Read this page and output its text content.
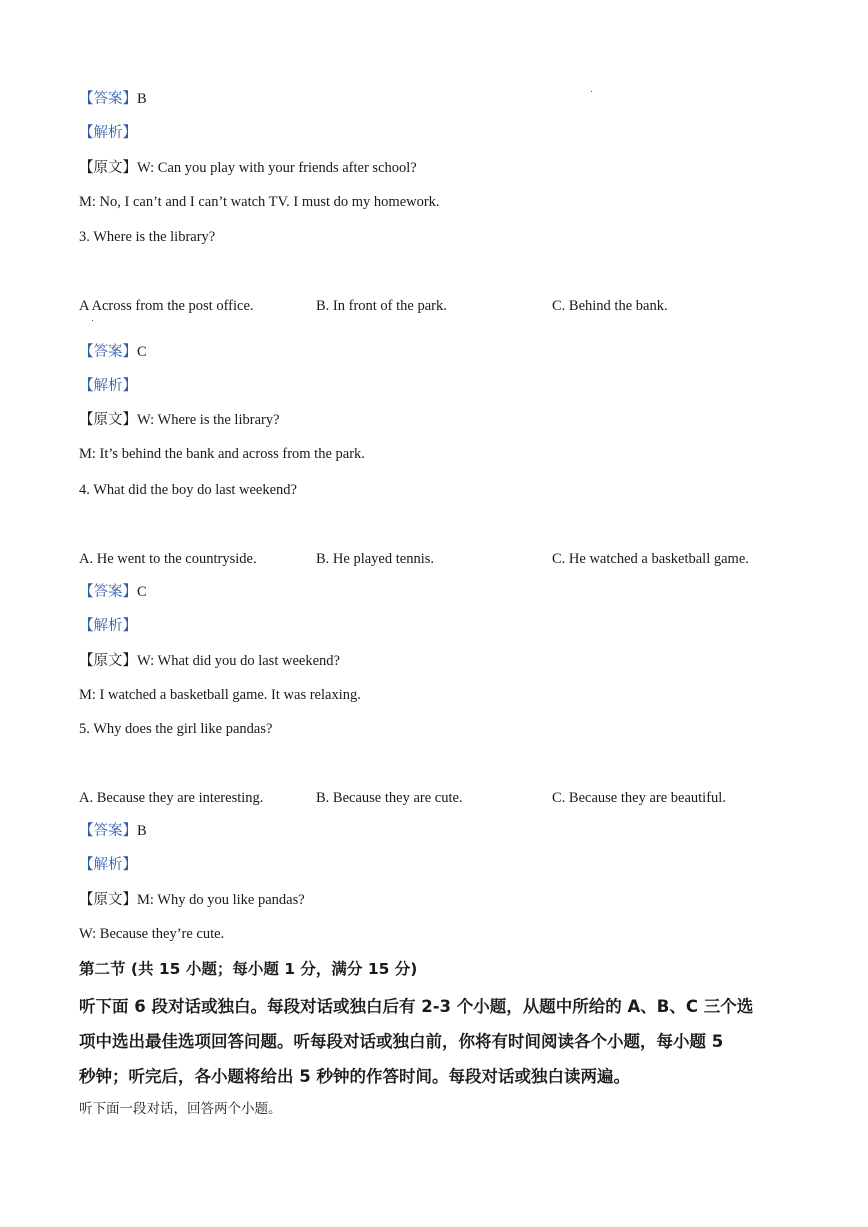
【答案】B
【解析】
【原文】W: Can you play with your friends after school?
M: No, I can’t and I can’t watch TV. I must do my homework.
3. Where is the library?
A Across from the post office.	B. In front of the park.	C. Behind the bank.
【答案】C
【解析】
【原文】W: Where is the library?
M: It’s behind the bank and across from the park.
4. What did the boy do last weekend?
A. He went to the countryside.	B. He played tennis.	C. He watched a basketball game.
【答案】C
【解析】
【原文】W: What did you do last weekend?
M: I watched a basketball game. It was relaxing.
5. Why does the girl like pandas?
A. Because they are interesting.	B. Because they are cute.	C. Because they are beautiful.
【答案】B
【解析】
【原文】M: Why do you like pandas?
W: Because they’re cute.
第二节 (共 15 小题；每小题 1 分，满分 15 分)
听下面 6 段对话或独白。每段对话或独白后有 2-3 个小题，从题中所给的 A、B、C 三个选
项中选出最佳选项回答问题。听每段对话或独白前，你将有时间阅读各个小题，每小题 5
秒钟；听完后，各小题将给出 5 秒钟的作答时间。每段对话或独白读两遍。
听下面一段对话，回答两个小题。
